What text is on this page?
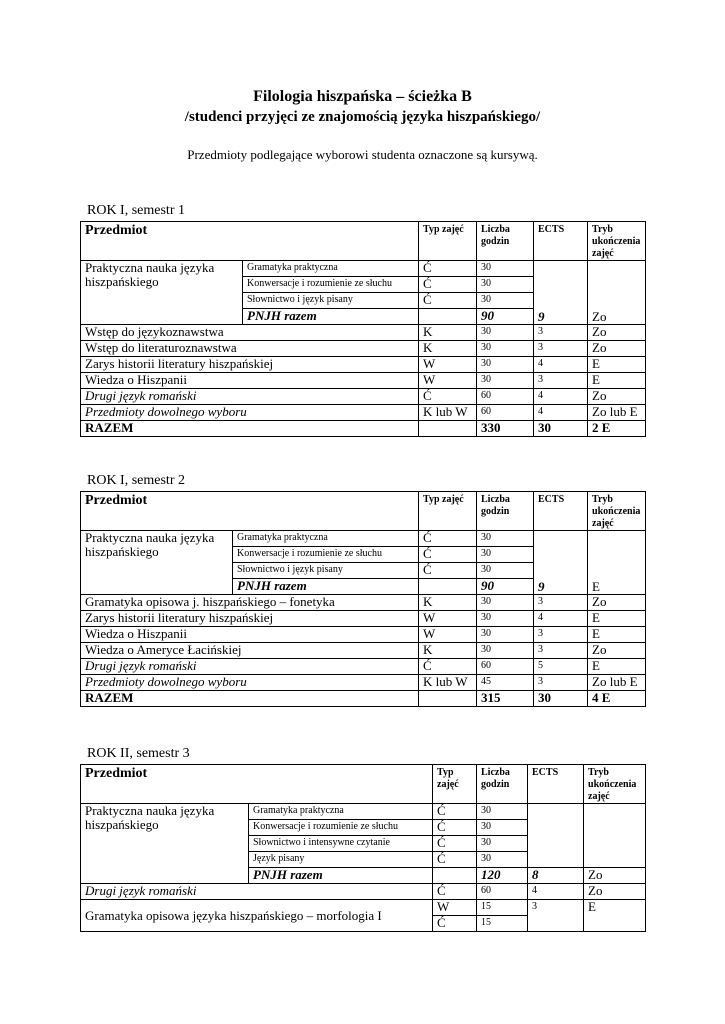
Filologia hiszpańska – ścieżka B
/studenci przyjęci ze znajomością języka hiszpańskiego/
Przedmioty podlegające wyborowi studenta oznaczone są kursywą.
ROK I, semestr 1
Przedmiot		Typ zajęć	Liczba godzin	ECTS	Tryb ukończenia zajęć
Praktyczna nauka języka hiszpańskiego	Gramatyka praktyczna	Ć	30	9	Zo
	Konwersacje i rozumienie ze słuchu	Ć	30		
	Słownictwo i język pisany	Ć	30		
	PNJH razem		90		
Wstęp do językoznawstwa		K	30	3	Zo
Wstęp do literaturoznawstwa		K	30	3	Zo
Zarys historii literatury hiszpańskiej		W	30	4	E
Wiedza o Hiszpanii		W	30	3	E
Drugi język romański		Ć	60	4	Zo
Przedmioty dowolnego wyboru		K lub W	60	4	Zo lub E
RAZEM			330	30	2 E
ROK I, semestr 2
Przedmiot		Typ zajęć	Liczba godzin	ECTS	Tryb ukończenia zajęć
Praktyczna nauka języka hiszpańskiego	Gramatyka praktyczna	Ć	30	9	E
	Konwersacje i rozumienie ze słuchu	Ć	30		
	Słownictwo i język pisany	Ć	30		
	PNJH razem		90		
Gramatyka opisowa j. hiszpańskiego – fonetyka		K	30	3	Zo
Zarys historii literatury hiszpańskiej		W	30	4	E
Wiedza o Hiszpanii		W	30	3	E
Wiedza o Ameryce Łacińskiej		K	30	3	Zo
Drugi język romański		Ć	60	5	E
Przedmioty dowolnego wyboru		K lub W	45	3	Zo lub E
RAZEM			315	30	4 E
ROK II, semestr 3
Przedmiot		Typ zajęć	Liczba godzin	ECTS	Tryb ukończenia zajęć
Praktyczna nauka języka hiszpańskiego	Gramatyka praktyczna	Ć	30		
	Konwersacje i rozumienie ze słuchu	Ć	30		
	Słownictwo i intensywne czytanie	Ć	30		
	Język pisany	Ć	30		
	PNJH razem		120	8	Zo
Drugi język romański		Ć	60	4	Zo
Gramatyka opisowa języka hiszpańskiego – morfologia I		W	15	3	E
		Ć	15		
